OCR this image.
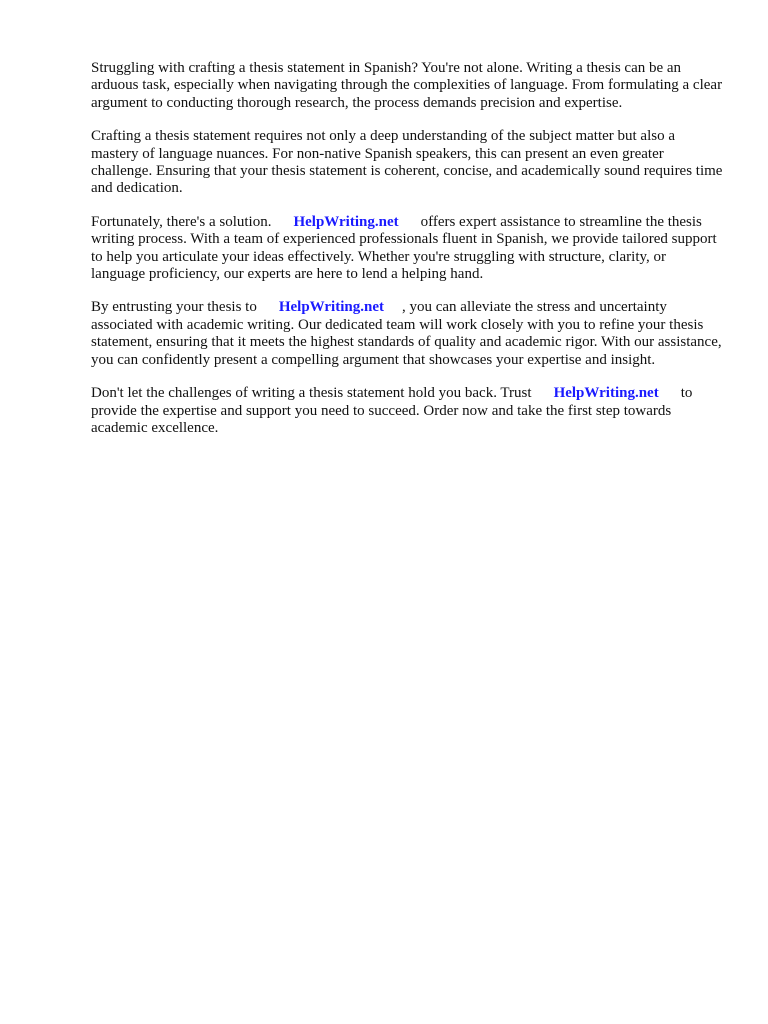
Struggling with crafting a thesis statement in Spanish? You're not alone. Writing a thesis can be an arduous task, especially when navigating through the complexities of language. From formulating a clear argument to conducting thorough research, the process demands precision and expertise.

Crafting a thesis statement requires not only a deep understanding of the subject matter but also a mastery of language nuances. For non-native Spanish speakers, this can present an even greater challenge. Ensuring that your thesis statement is coherent, concise, and academically sound requires time and dedication.

Fortunately, there's a solution. HelpWriting.net offers expert assistance to streamline the thesis writing process. With a team of experienced professionals fluent in Spanish, we provide tailored support to help you articulate your ideas effectively. Whether you're struggling with structure, clarity, or language proficiency, our experts are here to lend a helping hand.

By entrusting your thesis to HelpWriting.net , you can alleviate the stress and uncertainty associated with academic writing. Our dedicated team will work closely with you to refine your thesis statement, ensuring that it meets the highest standards of quality and academic rigor. With our assistance, you can confidently present a compelling argument that showcases your expertise and insight.

Don't let the challenges of writing a thesis statement hold you back. Trust HelpWriting.net to provide the expertise and support you need to succeed. Order now and take the first step towards academic excellence.
